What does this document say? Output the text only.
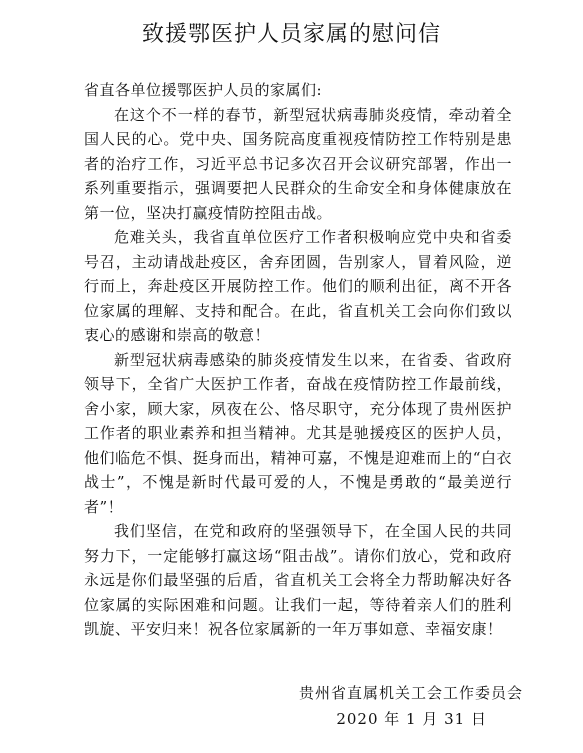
致援鄂医护人员家属的慰问信

省直各单位援鄂医护人员的家属们:

在这个不一样的春节，新型冠状病毒肺炎疫情，牵动着全国人民的心。党中央、国务院高度重视疫情防控工作特别是患者的治疗工作，习近平总书记多次召开会议研究部署，作出一系列重要指示，强调要把人民群众的生命安全和身体健康放在第一位，坚决打赢疫情防控阻击战。

危难关头，我省直单位医疗工作者积极响应党中央和省委号召，主动请战赴疫区，舍弃团圆，告别家人，冒着风险，逆行而上，奔赴疫区开展防控工作。他们的顺利出征，离不开各位家属的理解、支持和配合。在此，省直机关工会向你们致以衷心的感谢和崇高的敬意！

新型冠状病毒感染的肺炎疫情发生以来，在省委、省政府领导下，全省广大医护工作者，奋战在疫情防控工作最前线，舍小家，顾大家，夙夜在公、恪尽职守，充分体现了贵州医护工作者的职业素养和担当精神。尤其是驰援疫区的医护人员，他们临危不惧、挺身而出，精神可嘉，不愧是迎难而上的“白衣战士”，不愧是新时代最可爱的人，不愧是勇敢的“最美逆行者”！

我们坚信，在党和政府的坚强领导下，在全国人民的共同努力下，一定能够打赢这场“阻击战”。请你们放心，党和政府永远是你们最坚强的后盾，省直机关工会将全力帮助解决好各位家属的实际困难和问题。让我们一起，等待着亲人们的胜利凯旋、平安归来！祝各位家属新的一年万事如意、幸福安康！

贵州省直属机关工会工作委员会
2020 年 1 月 31 日
